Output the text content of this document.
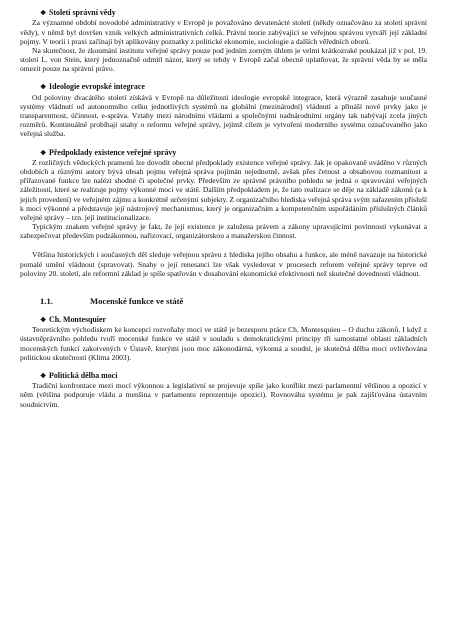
❖ Století správní vědy

Za významné období novodobé administrativy v Evropě je považováno devatenácté století (někdy označováno za století správní vědy), v němž byl dovršen vznik velkých administrativních celků. Právní teorie zabývající se veřejnou správou vytváří její základní pojmy. V teorii i praxi začínají být aplikovány poznatky z politické ekonomie, sociologie a dalších věředních oborů.

Na skutečnost, že zkoumání institutu veřejné správy pouze pod jedním zorným úhlem je velmi krátkozraké poukázal již v pol. 19. století L. von Stein, který jednoznačně odmítl názor, který se tehdy v Evropě začal obecně uplatňovat, že správní věda by se měla omezit pouze na správní právo.

❖ Ideologie evropské integrace

Od poloviny dvacátého století získává v Evropě na důležitosti ideologie evropské integrace, která výrazně zasahuje současné systémy vládnutí od autonomního celku jednotlivých systémů na globální (mezinárodní) vládnutí a přináší nové prvky jako je transparentnost, účinnost, e-správa. Vztahy mezi národními vládami a společnými nadnárodními orgány tak nabývají zcela jiných rozměrů. Kontinuálně probíhají snahy o reformu veřejné správy, jejímž cílem je vytvoření moderního systému označovaného jako veřejná služba.

❖ Předpoklady existence veřejné správy

Z rozličných vědeckých pramenů lze dovodit obecné předpoklady existence veřejné správy. Jak je opakovaně uváděno v různých obdobích a různými autory bývá obsah pojmu veřejná správa pojímán nejednotně, avšak přes četnost a obsahovou rozmanitost a přiřazované funkce lze nalézt shodné či společné prvky. Především ze správně právního pohledu se jedná o spravování veřejných záležitostí, které se realizuje pojmy výkonné moci ve státě. Dalším předpokladem je, že tato realizace se děje na základě zákonů (a k jejich provedení) ve veřejném zájmu a konkrétně určenými subjekty. Z organizačního hlediska veřejná správa svým zařazením přísluší k moci výkonné a představuje její nástrojový mechanismus, který je organizačním a kompetenčním uspořádáním příslušných článků veřejné správy – tzn. její institucionalizace.

Typickým znakem veřejné správy je fakt, že její existence je založena právem a zákony upravujícími povinnosti vykonávat a zabezpečovat především podzákonnou, nařizovací, organizátorskou a manažerskou činnost.

Většina historických i současných děl sleduje veřejnou správu z hlediska jejího obsahu a funkce, ale méně navazuje na historické pomalé umění vládnout (spravovat). Snahy o její renesanci lze však vysledovat v procesech reforem veřejné správy teprve od poloviny 20. století, ale reformní základ je spíše spatřován v dosahování ekonomické efektivnosti než skutečné dovednosti vládnout.

1.1.	Mocenské funkce ve státě
❖ Ch. Montesquier

Teoretickým východiskem ke koncepci rozvoňahy moci ve státě je bezesporu práce Ch. Montesquieu – O duchu zákonů. I když z ústavněprávního pohledu tvoří mocenské funkce ve státě v souladu s demokratickými principy tři samostatné oblasti základních mocenských funkcí zakotvených v Ústavě, kterými jsou moc zákonodárná, výkonná a soudní, je skutečná dělba moci ovlivňována politickou skutečností (Klíma 2003).

❖ Politická dělba moci

Tradiční konfrontace mezi mocí výkonnou a legislativní se projevuje spíše jako konflikt mezi parlamentní většinou a opozicí v něm (většina podporuje vládu a menšina v parlamentu reprezentuje opozici). Rovnováha systému je pak zajišťována ústavním soudnictvím.
